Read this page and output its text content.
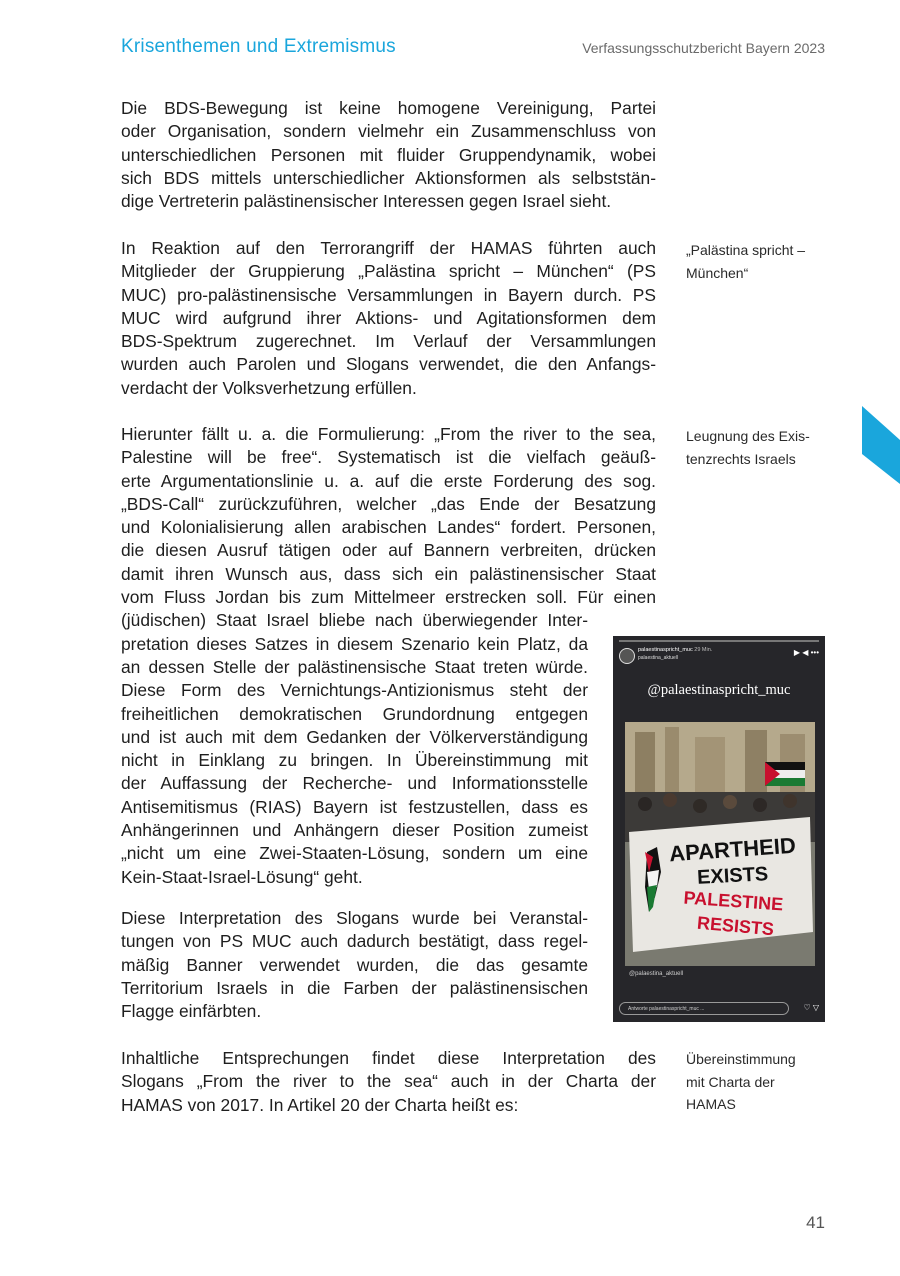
Krisenthemen und Extremismus	Verfassungsschutzbericht Bayern 2023
Die BDS-Bewegung ist keine homogene Vereinigung, Partei
oder Organisation, sondern vielmehr ein Zusammenschluss von
unterschiedlichen Personen mit fluider Gruppendynamik, wobei
sich BDS mittels unterschiedlicher Aktionsformen als selbststän-
dige Vertreterin palästinensischer Interessen gegen Israel sieht.
In Reaktion auf den Terrorangriff der HAMAS führten auch
Mitglieder der Gruppierung „Palästina spricht – München“ (PS
MUC) pro-palästinensische Versammlungen in Bayern durch. PS
MUC wird aufgrund ihrer Aktions- und Agitationsformen dem
BDS-Spektrum zugerechnet. Im Verlauf der Versammlungen
wurden auch Parolen und Slogans verwendet, die den Anfangs-
verdacht der Volksverhetzung erfüllen.
Hierunter fällt u. a. die Formulierung: „From the river to the sea,
Palestine will be free“. Systematisch ist die vielfach geäuß-
erte Argumentationslinie u. a. auf die erste Forderung des sog.
„BDS-Call“ zurückzuführen, welcher „das Ende der Besatzung
und Kolonialisierung allen arabischen Landes“ fordert. Personen,
die diesen Ausruf tätigen oder auf Bannern verbreiten, drücken
damit ihren Wunsch aus, dass sich ein palästinensischer Staat
vom Fluss Jordan bis zum Mittelmeer erstrecken soll. Für einen
(jüdischen) Staat Israel bliebe nach überwiegender Inter-
pretation dieses Satzes in diesem Szenario kein Platz, da
an dessen Stelle der palästinensische Staat treten würde.
Diese Form des Vernichtungs-Antizionismus steht der
freiheitlichen demokratischen Grundordnung entgegen
und ist auch mit dem Gedanken der Völkerverständigung
nicht in Einklang zu bringen. In Übereinstimmung mit
der Auffassung der Recherche- und Informationsstelle
Antisemitismus (RIAS) Bayern ist festzustellen, dass es
Anhängerinnen und Anhängern dieser Position zumeist
„nicht um eine Zwei-Staaten-Lösung, sondern um eine
Kein-Staat-Israel-Lösung“ geht.
Diese Interpretation des Slogans wurde bei Veranstal-
tungen von PS MUC auch dadurch bestätigt, dass regel-
mäßig Banner verwendet wurden, die das gesamte
Territorium Israels in die Farben der palästinensischen
Flagge einfärbten.
Inhaltliche Entsprechungen findet diese Interpretation des
Slogans „From the river to the sea“ auch in der Charta der
HAMAS von 2017. In Artikel 20 der Charta heißt es:
„Palästina spricht –
München“
Leugnung des Exis-
tenzrechts Israels
Übereinstimmung
mit Charta der
HAMAS
palaestinaspricht_muc 29 Min.
palaestina_aktuell
▶ ◀ •••
@palaestinaspricht_muc
APARTHEID
EXISTS
PALESTINE
RESISTS
@palaestina_aktuell
Antworte palaestinaspricht_muc ...	♡ ▽
41
